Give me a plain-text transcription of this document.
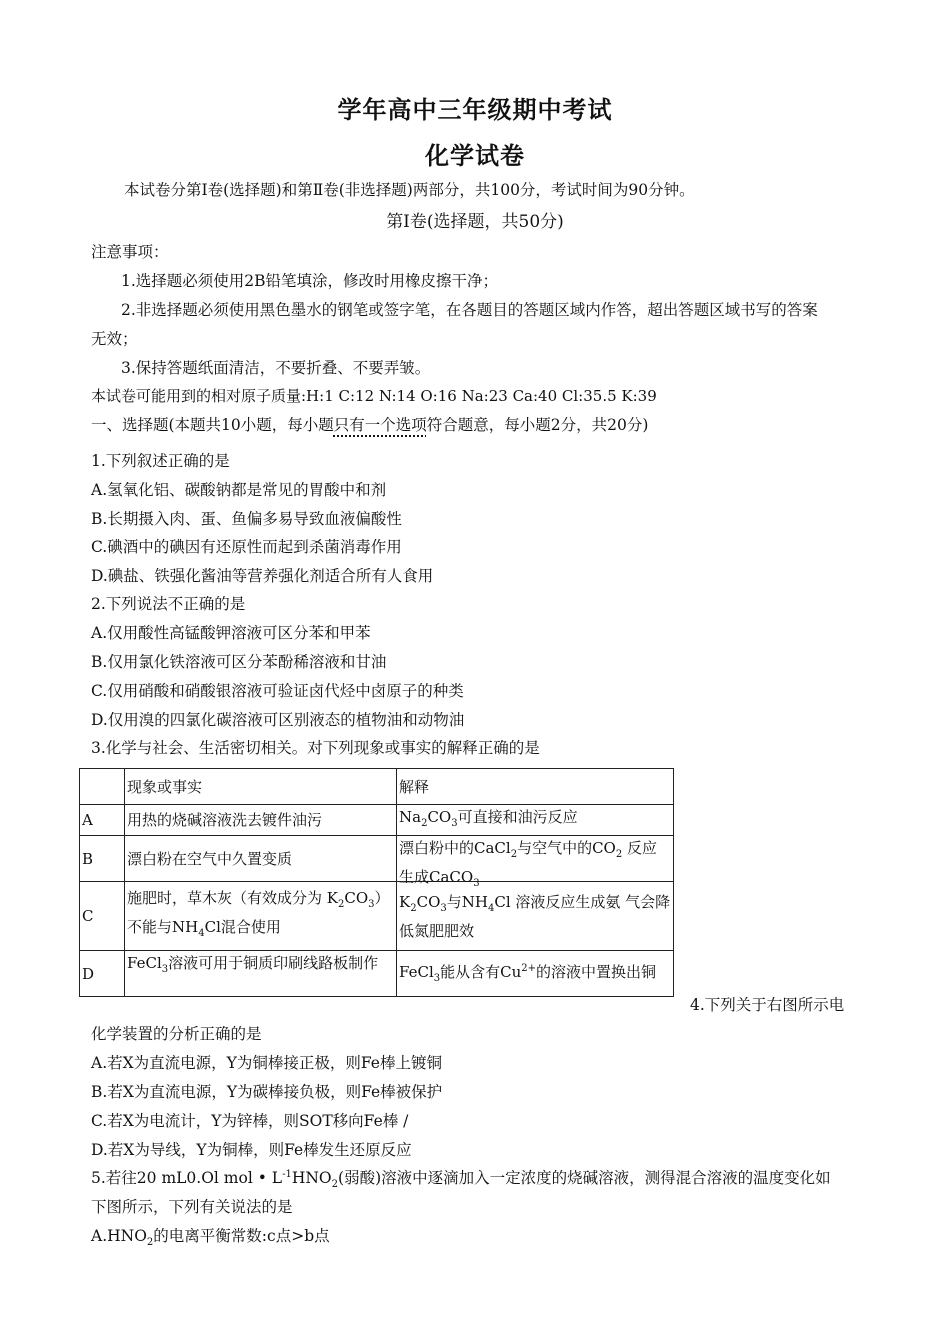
学年高中三年级期中考试
化学试卷
本试卷分第Ⅰ卷(选择题)和第Ⅱ卷(非选择题)两部分，共100分，考试时间为90分钟。
第Ⅰ卷(选择题，共50分)
注意事项：
1.选择题必须使用2B铅笔填涂，修改时用橡皮擦干净；
2.非选择题必须使用黑色墨水的钢笔或签字笔，在各题目的答题区域内作答，超出答题区域书写的答案
无效；
3.保持答题纸面清洁，不要折叠、不要弄皱。
本试卷可能用到的相对原子质量:H:1 C:12 N:14 O:16 Na:23 Ca:40 Cl:35.5 K:39
一、选择题(本题共10小题，每小题只有一个选项符合题意，每小题2分，共20分)
1.下列叙述正确的是
A.氢氧化铝、碳酸钠都是常见的胃酸中和剂
B.长期摄入肉、蛋、鱼偏多易导致血液偏酸性
C.碘酒中的碘因有还原性而起到杀菌消毒作用
D.碘盐、铁强化酱油等营养强化剂适合所有人食用
2.下列说法不正确的是
A.仅用酸性高锰酸钾溶液可区分苯和甲苯
B.仅用氯化铁溶液可区分苯酚稀溶液和甘油
C.仅用硝酸和硝酸银溶液可验证卤代烃中卤原子的种类
D.仅用溴的四氯化碳溶液可区别液态的植物油和动物油
3.化学与社会、生活密切相关。对下列现象或事实的解释正确的是
	现象或事实	解释
A	用热的烧碱溶液洗去镀件油污	$Na_2CO_3$可直接和油污反应
B	漂白粉在空气中久置变质	漂白粉中的CaCl$_2$与空气中的$CO_2$ 反应生成CaCO$_3$

C	施肥时，草木灰（有效成分为 $K_2CO_3$）不能与$NH_4Cl$混合使用	$K_2CO_3$与$NH_4Cl$ 溶液反应生成氨 气会降低氮肥肥效
D	FeCl$_3$溶液可用于铜质印刷线路板制作	FeCl$_3$能从含有$Cu^{2+}$的溶液中置换出铜
4.下列关于右图所示电
化学装置的分析正确的是
A.若X为直流电源，Y为铜棒接正极，则Fe棒上镀铜
B.若X为直流电源，Y为碳棒接负极，则Fe棒被保护
C.若X为电流计，Y为锌棒，则SOT移向Fe棒 /
D.若X为导线，Y为铜棒，则Fe棒发生还原反应
5.若往20 mL0.Ol mol • $L^{-1}HNO_2$(弱酸)溶液中逐滴加入一定浓度的烧碱溶液，测得混合溶液的温度变化如
下图所示，下列有关说法的是
$A.HNO_2$的电离平衡常数:c点>b点
